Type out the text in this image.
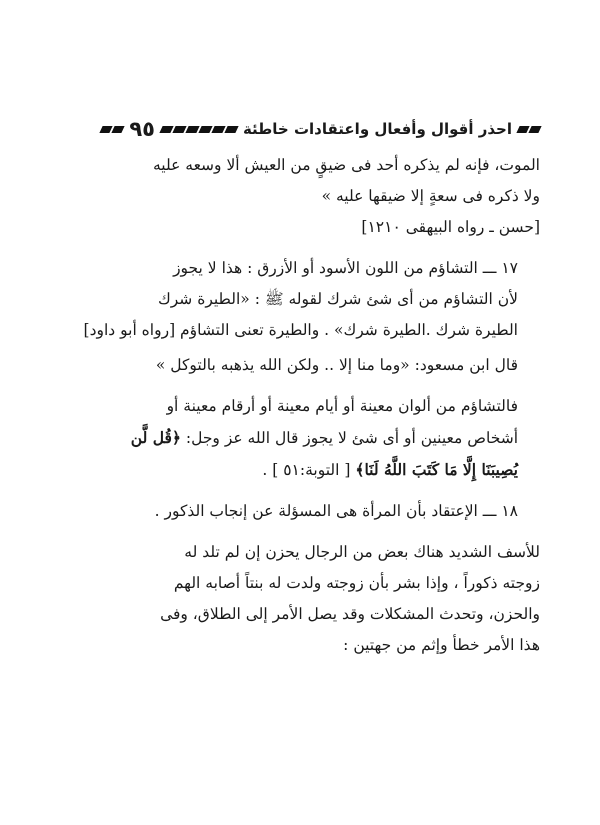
احذر أقوال وأفعال واعتقادات خاطئة
٩٥

الموت، فإنه لم يذكره أحد فى ضيقٍ من العيش ألا وسعه عليه
ولا ذكره فى سعةٍ إلا ضيقها عليه »

[حسن ـ رواه البيهقى ١٢١٠]

١٧ ـــ التشاؤم من اللون الأسود أو الأزرق : هذا لا يجوز
لأن التشاؤم من أى شئ شرك لقوله ﷺ : «الطيرة شرك
الطيرة شرك .الطيرة شرك» . والطيرة تعنى التشاؤم [رواه أبو داود]

قال ابن مسعود: «وما منا إلا .. ولكن الله يذهبه بالتوكل »

فالتشاؤم من ألوان معينة أو أيام معينة أو أرقام معينة أو
أشخاص معينين أو أى شئ لا يجوز قال الله عز وجل: ﴿قُل لَّن
يُصِيبَنَا إِلَّا مَا كَتَبَ اللَّهُ لَنَا﴾ [ التوبة:٥١ ] .

١٨ ـــ الإعتقاد بأن المرأة هى المسؤلة عن إنجاب الذكور .

للأسف الشديد هناك بعض من الرجال يحزن إن لم تلد له
زوجته ذكوراً ، وإذا بشر بأن زوجته ولدت له بنتاً أصابه الهم
والحزن، وتحدث المشكلات وقد يصل الأمر إلى الطلاق، وفى
هذا الأمر خطأ وإثم من جهتين :
